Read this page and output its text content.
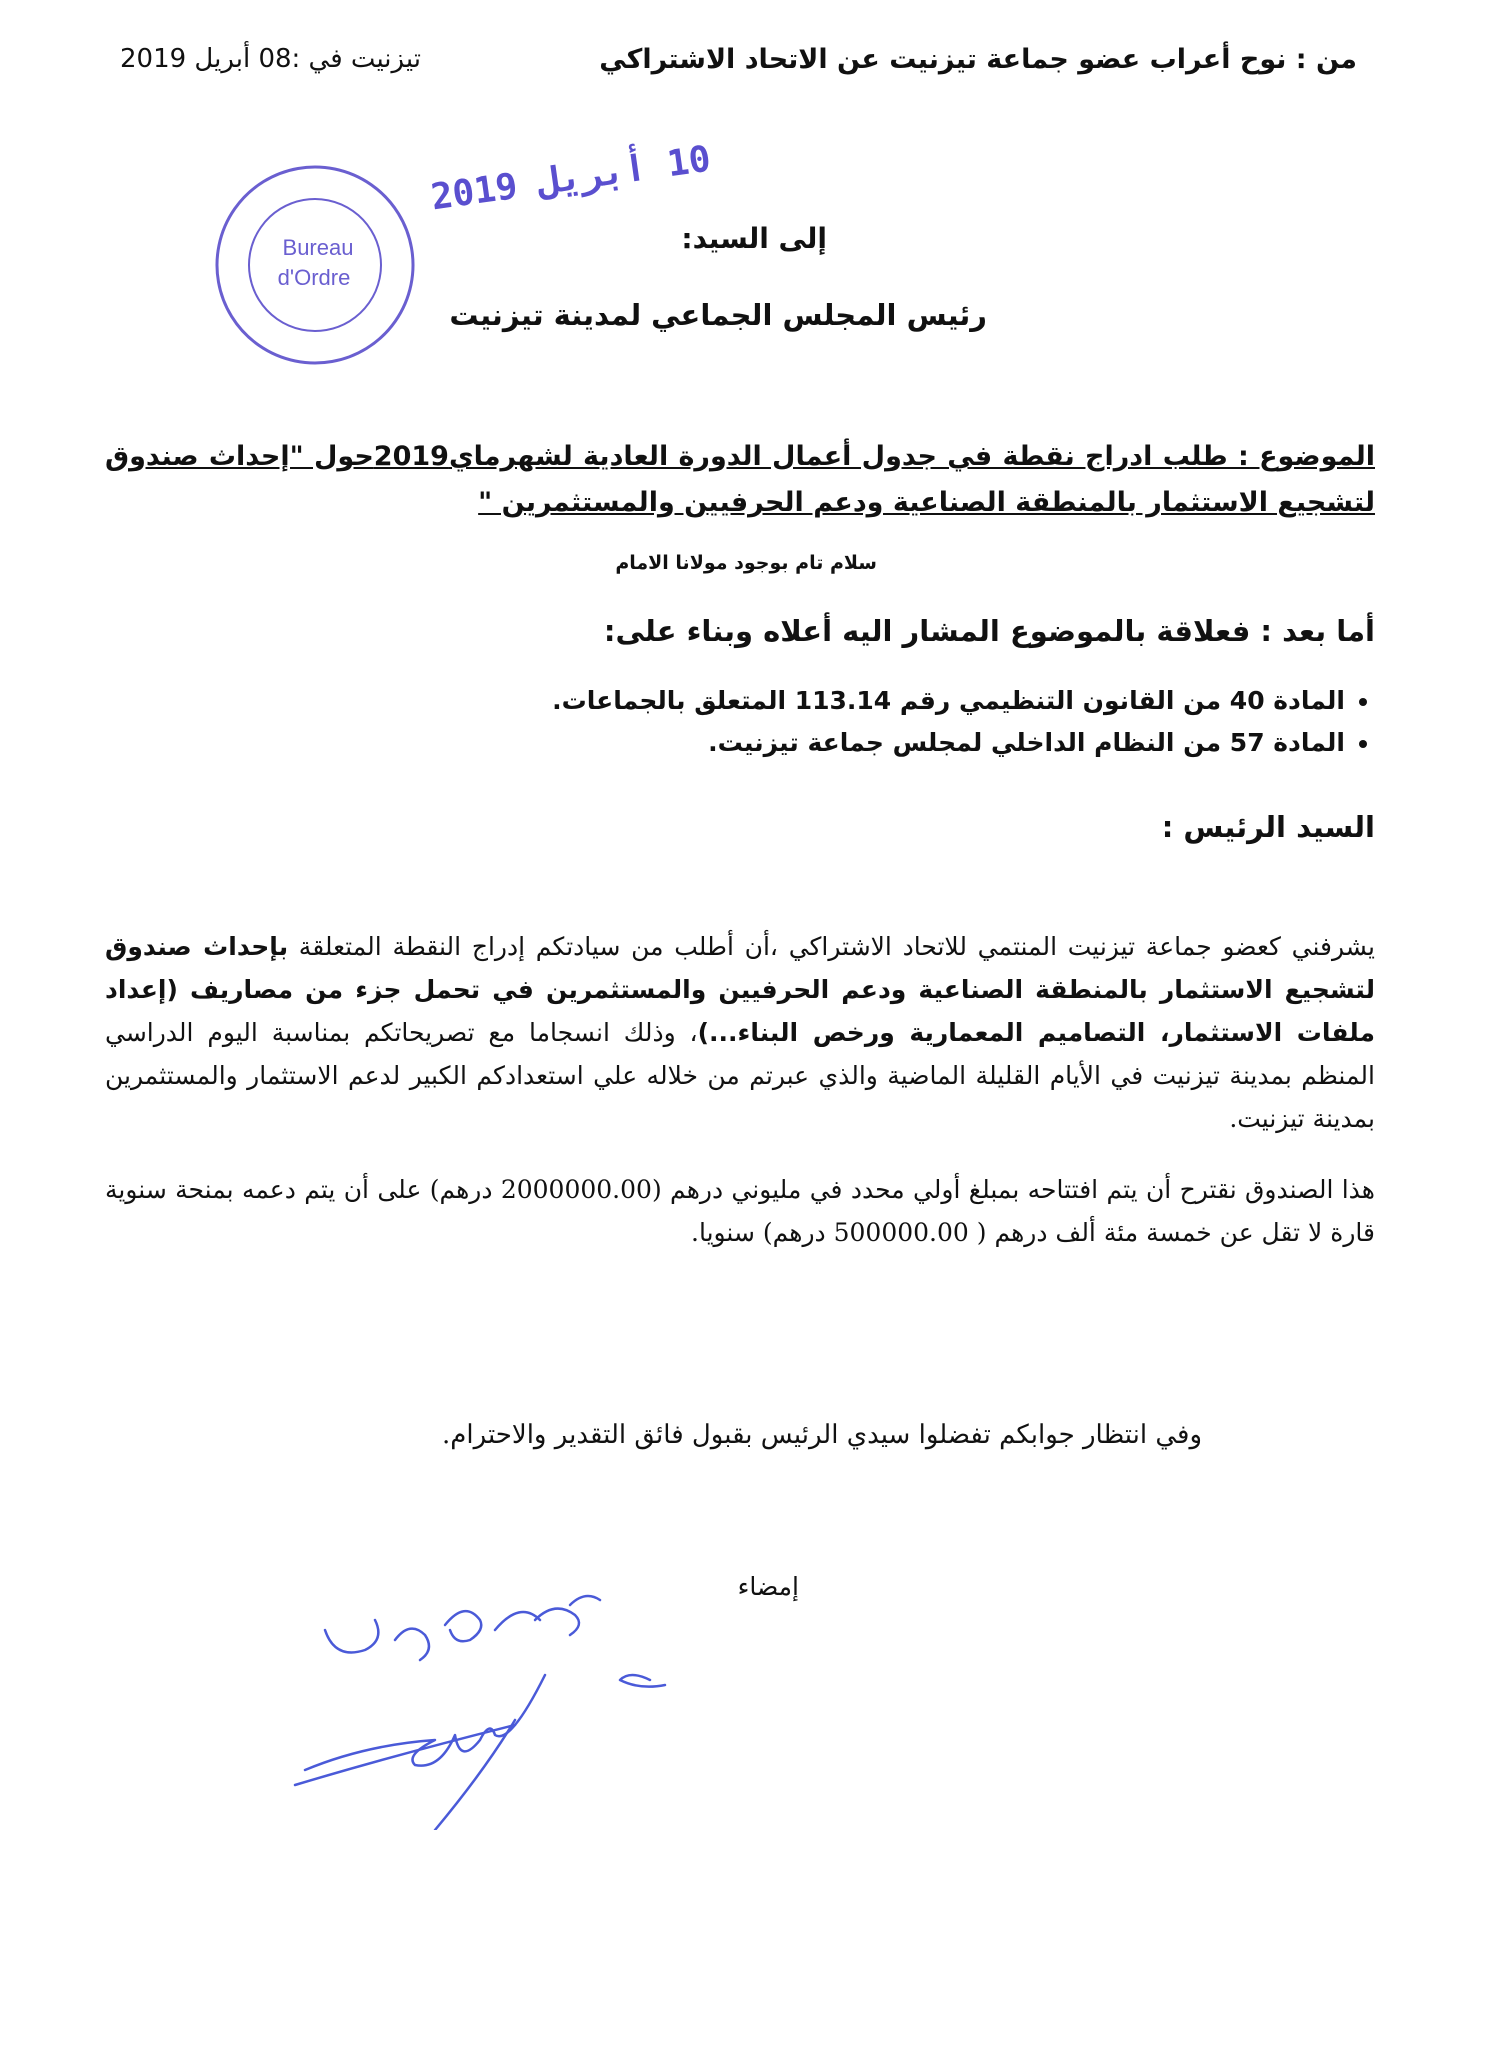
من : نوح أعراب عضو جماعة تيزنيت عن الاتحاد الاشتراكي
تيزنيت في :08 أبريل 2019
Bureau
d'Ordre
10 أبريل 2019
إلى السيد:
رئيس المجلس الجماعي لمدينة تيزنيت
الموضوع : طلب ادراج نقطة في جدول أعمال الدورة العادية لشهرماي2019حول "إحداث صندوق لتشجيع الاستثمار بالمنطقة الصناعية ودعم الحرفيين والمستثمرين "
سلام تام بوجود مولانا الامام
أما بعد : فعلاقة بالموضوع المشار اليه أعلاه وبناء على:
• المادة 40 من القانون التنظيمي رقم 113.14 المتعلق بالجماعات.
• المادة 57 من النظام الداخلي لمجلس جماعة تيزنيت.
السيد الرئيس :
يشرفني كعضو جماعة تيزنيت المنتمي للاتحاد الاشتراكي ،أن أطلب من سيادتكم إدراج النقطة المتعلقة بإحداث صندوق لتشجيع الاستثمار بالمنطقة الصناعية ودعم الحرفيين والمستثمرين في تحمل جزء من مصاريف (إعداد ملفات الاستثمار، التصاميم المعمارية ورخص البناء...)، وذلك انسجاما مع تصريحاتكم بمناسبة اليوم الدراسي المنظم بمدينة تيزنيت في الأيام القليلة الماضية والذي عبرتم من خلاله علي استعدادكم الكبير لدعم الاستثمار والمستثمرين بمدينة تيزنيت.
هذا الصندوق نقترح أن يتم افتتاحه بمبلغ أولي محدد في مليوني درهم (2000000.00 درهم) على أن يتم دعمه بمنحة سنوية قارة لا تقل عن خمسة مئة ألف درهم ( 500000.00 درهم) سنويا.
وفي انتظار جوابكم تفضلوا سيدي الرئيس بقبول فائق التقدير والاحترام.
إمضاء
